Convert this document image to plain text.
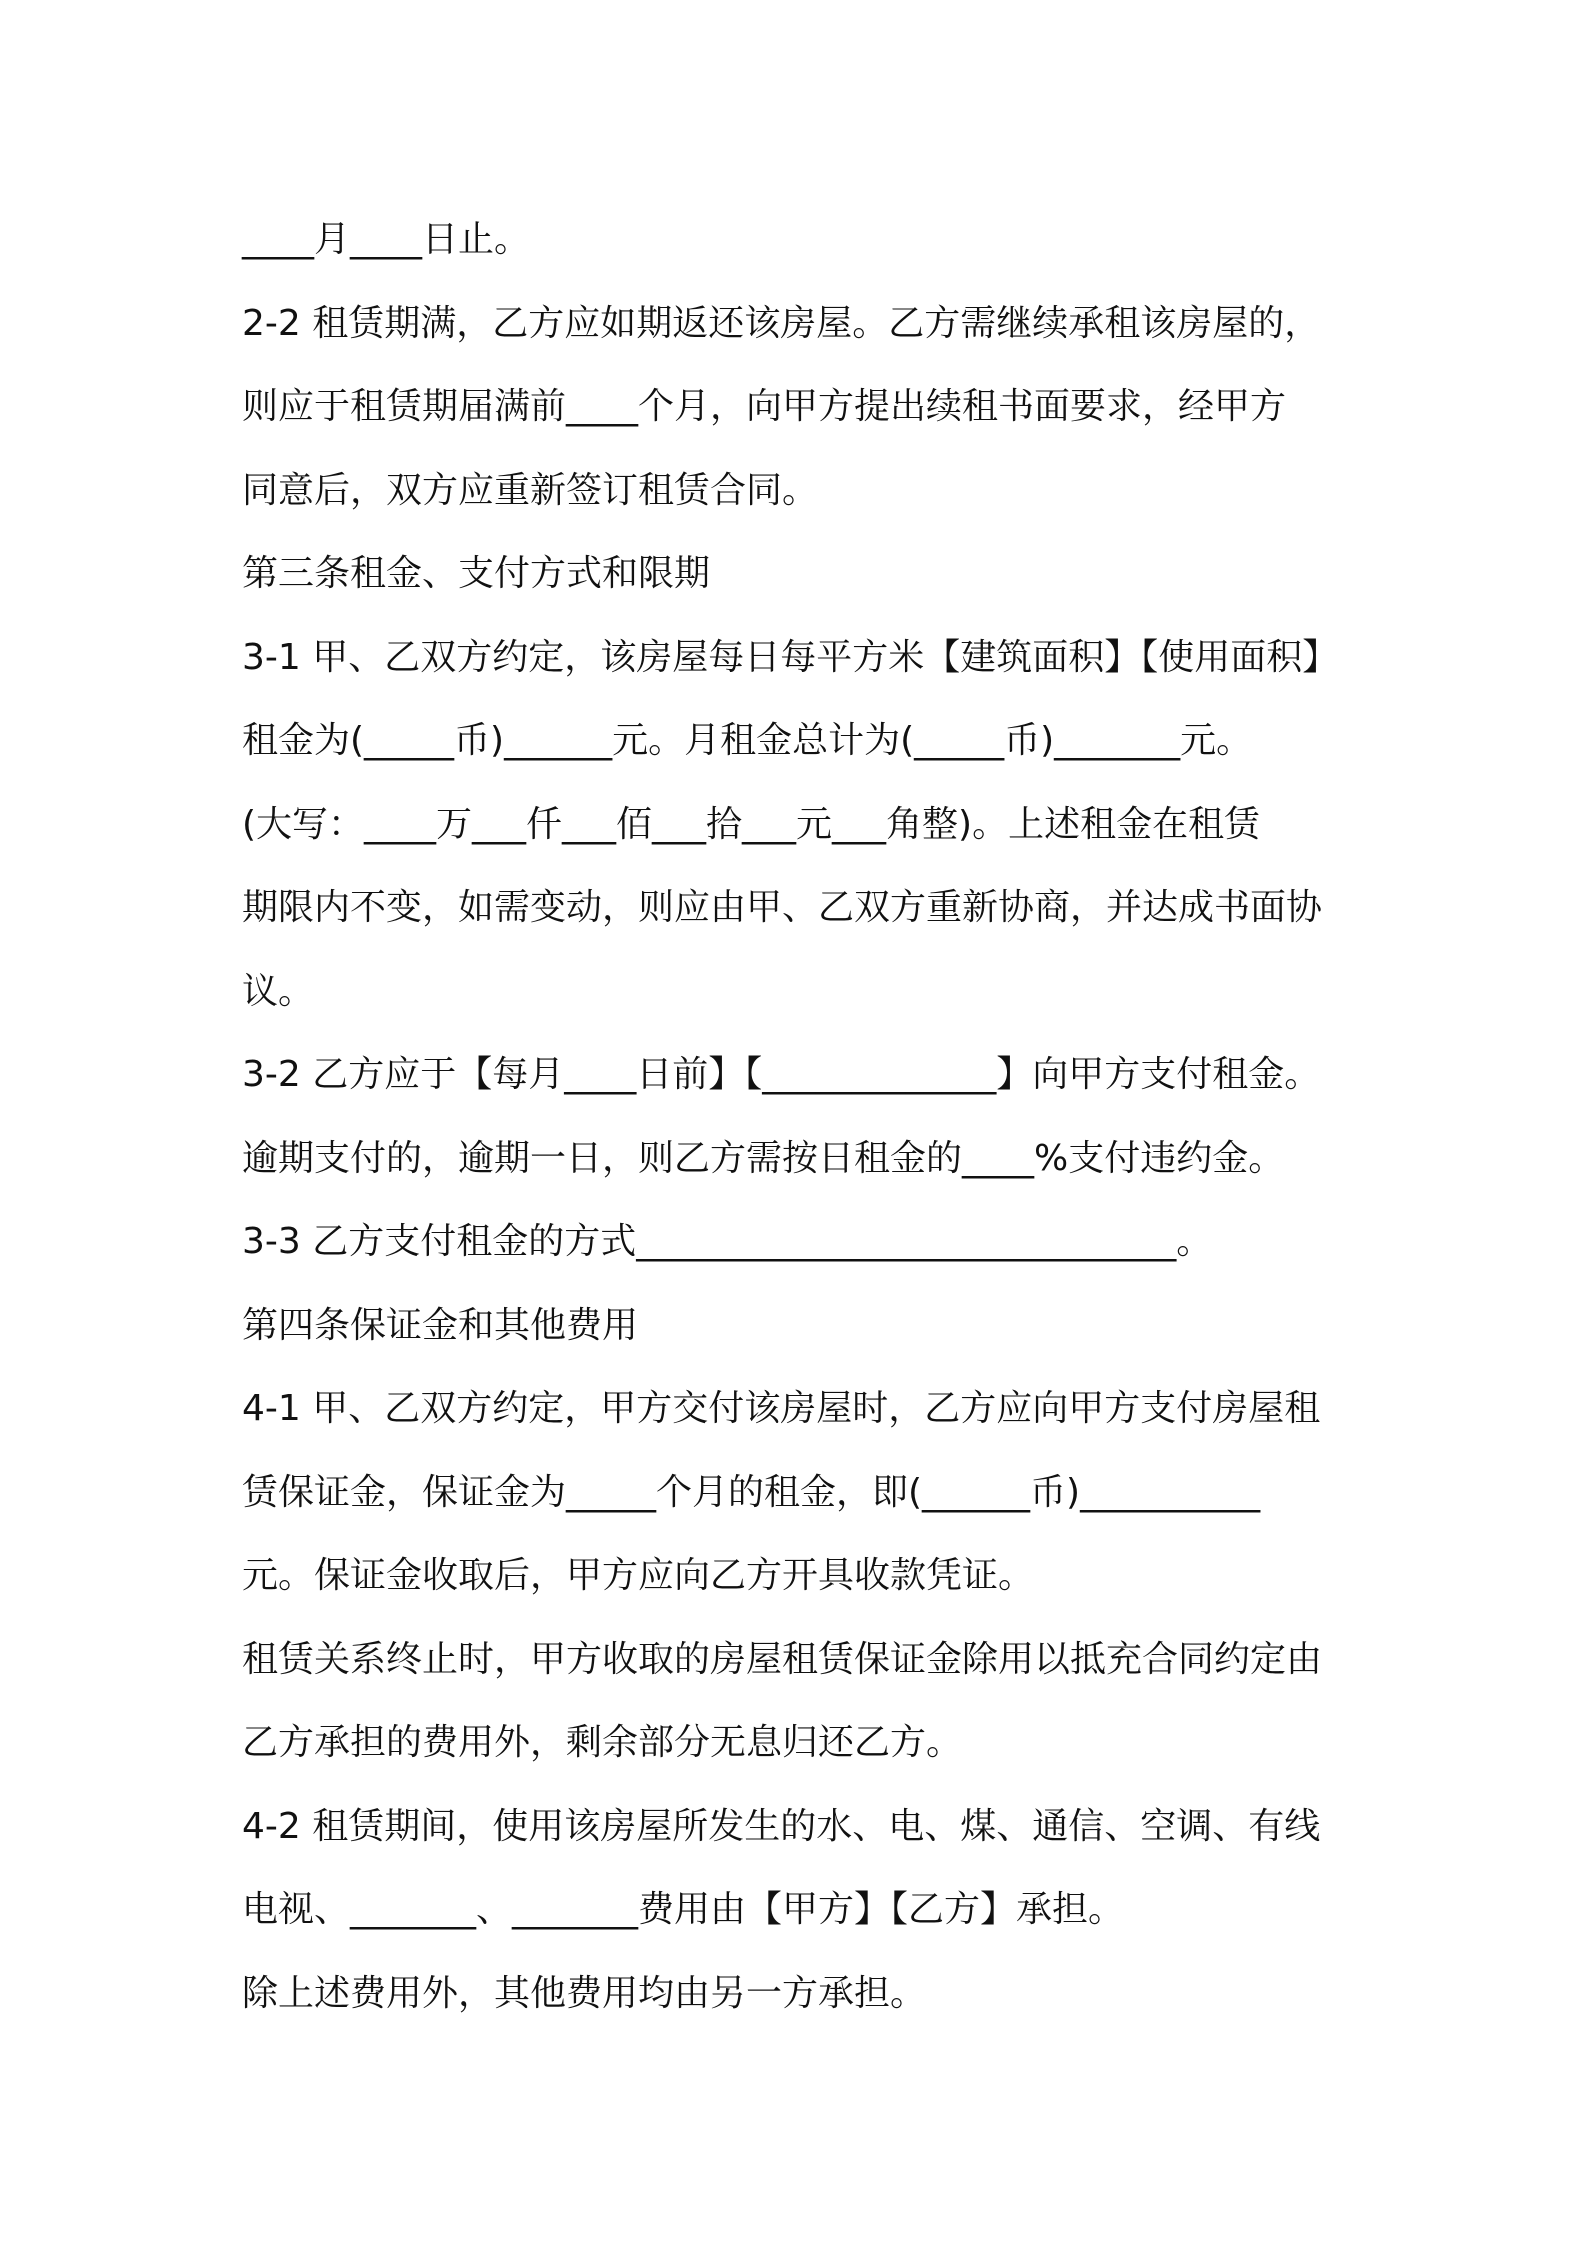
____月____日止。

2-2 租赁期满，乙方应如期返还该房屋。乙方需继续承租该房屋的，

则应于租赁期届满前____个月，向甲方提出续租书面要求，经甲方

同意后，双方应重新签订租赁合同。

第三条租金、支付方式和限期

3-1 甲、乙双方约定，该房屋每日每平方米【建筑面积】【使用面积】

租金为(_____币)______元。月租金总计为(_____币)_______元。

(大写：____万___仟___佰___拾___元___角整)。上述租金在租赁

期限内不变，如需变动，则应由甲、乙双方重新协商，并达成书面协

议。

3-2 乙方应于【每月____日前】【_____________】向甲方支付租金。

逾期支付的，逾期一日，则乙方需按日租金的____%支付违约金。

3-3 乙方支付租金的方式______________________________。

第四条保证金和其他费用

4-1 甲、乙双方约定，甲方交付该房屋时，乙方应向甲方支付房屋租

赁保证金，保证金为_____个月的租金，即(______币)__________

元。保证金收取后，甲方应向乙方开具收款凭证。

租赁关系终止时，甲方收取的房屋租赁保证金除用以抵充合同约定由

乙方承担的费用外，剩余部分无息归还乙方。

4-2 租赁期间，使用该房屋所发生的水、电、煤、通信、空调、有线

电视、_______、_______费用由【甲方】【乙方】承担。

除上述费用外，其他费用均由另一方承担。
